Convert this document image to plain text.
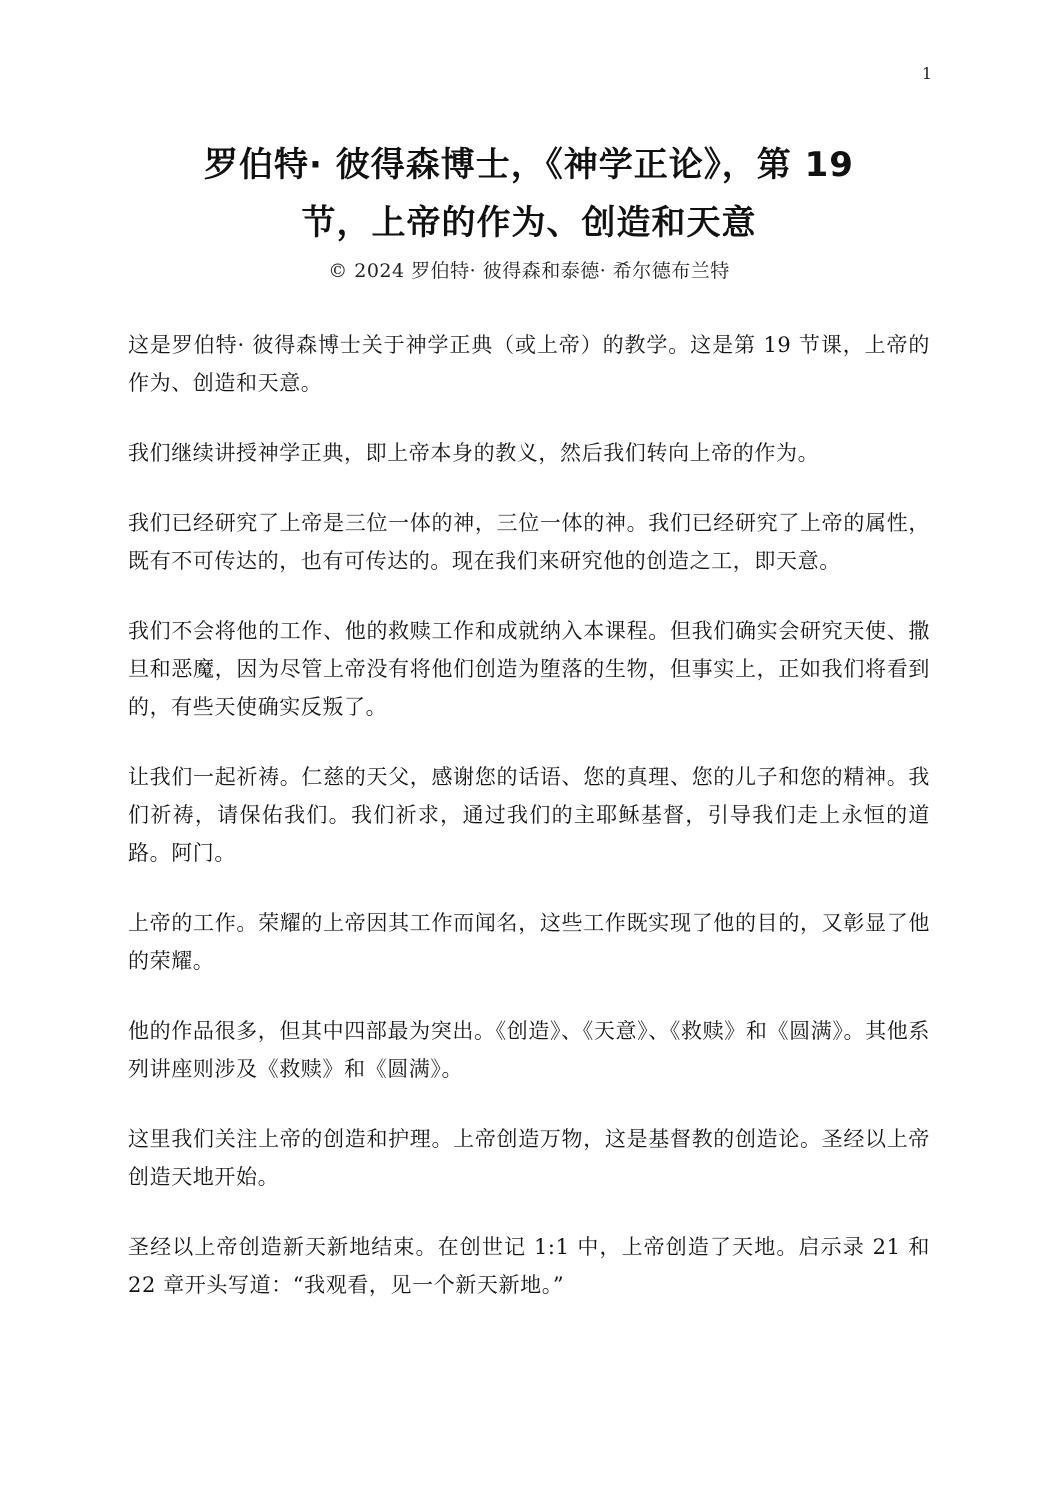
1
罗伯特· 彼得森博士，《神学正论》，第 19
节，上帝的作为、创造和天意
© 2024 罗伯特· 彼得森和泰德· 希尔德布兰特

这是罗伯特· 彼得森博士关于神学正典（或上帝）的教学。这是第 19 节课，上帝的作为、创造和天意。

我们继续讲授神学正典，即上帝本身的教义，然后我们转向上帝的作为。

我们已经研究了上帝是三位一体的神，三位一体的神。我们已经研究了上帝的属性，既有不可传达的，也有可传达的。现在我们来研究他的创造之工，即天意。

我们不会将他的工作、他的救赎工作和成就纳入本课程。但我们确实会研究天使、撒旦和恶魔，因为尽管上帝没有将他们创造为堕落的生物，但事实上，正如我们将看到的，有些天使确实反叛了。

让我们一起祈祷。仁慈的天父，感谢您的话语、您的真理、您的儿子和您的精神。我们祈祷，请保佑我们。我们祈求，通过我们的主耶稣基督，引导我们走上永恒的道路。阿门。

上帝的工作。荣耀的上帝因其工作而闻名，这些工作既实现了他的目的，又彰显了他的荣耀。

他的作品很多，但其中四部最为突出。《创造》、《天意》、《救赎》和《圆满》。其他系列讲座则涉及《救赎》和《圆满》。

这里我们关注上帝的创造和护理。上帝创造万物，这是基督教的创造论。圣经以上帝创造天地开始。

圣经以上帝创造新天新地结束。在创世记 1:1 中，上帝创造了天地。启示录 21 和 22 章开头写道：“我观看，见一个新天新地。”
